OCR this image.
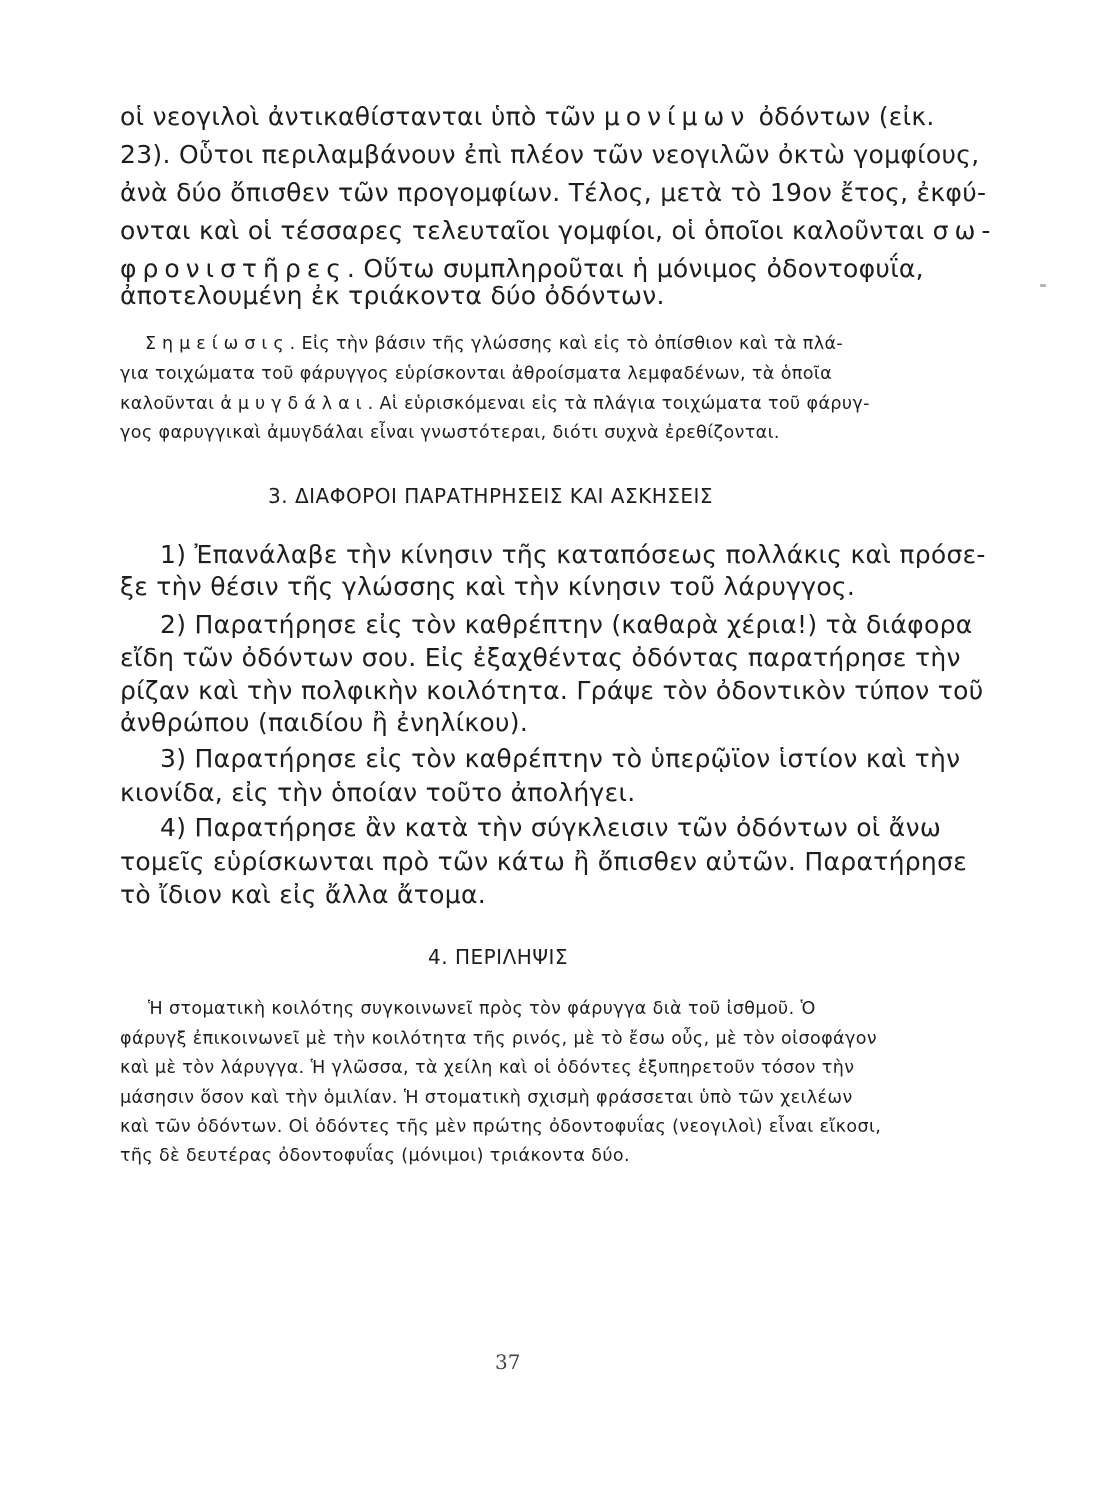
οἱ νεογιλοὶ ἀντικαθίστανται ὑπὸ τῶν μονίμων ὀδόντων (εἰκ.
23). Οὗτοι περιλαμβάνουν ἐπὶ πλέον τῶν νεογιλῶν ὀκτὼ γομφίους,
ἀνὰ δύο ὄπισθεν τῶν προγομφίων. Τέλος, μετὰ τὸ 19ον ἔτος, ἐκφύ-
ονται καὶ οἱ τέσσαρες τελευταῖοι γομφίοι, οἱ ὁποῖοι καλοῦνται σω-
φρονιστῆρες. Οὕτω συμπληροῦται ἡ μόνιμος ὀδοντοφυΐα,
ἀποτελουμένη ἐκ τριάκοντα δύο ὀδόντων.
Σημείωσις. Εἰς τὴν βάσιν τῆς γλώσσης καὶ εἰς τὸ ὀπίσθιον καὶ τὰ πλά-
για τοιχώματα τοῦ φάρυγγος εὑρίσκονται ἀθροίσματα λεμφαδένων, τὰ ὁποῖα
καλοῦνται ἀμυγδάλαι. Αἱ εὑρισκόμεναι εἰς τὰ πλάγια τοιχώματα τοῦ φάρυγ-
γος φαρυγγικαὶ ἀμυγδάλαι εἶναι γνωστότεραι, διότι συχνὰ ἐρεθίζονται.
3. ΔΙΑΦΟΡΟΙ ΠΑΡΑΤΗΡΗΣΕΙΣ ΚΑΙ ΑΣΚΗΣΕΙΣ
1) Ἐπανάλαβε τὴν κίνησιν τῆς καταπόσεως πολλάκις καὶ πρόσε-
ξε τὴν θέσιν τῆς γλώσσης καὶ τὴν κίνησιν τοῦ λάρυγγος.
2) Παρατήρησε εἰς τὸν καθρέπτην (καθαρὰ χέρια!) τὰ διάφορα
εἴδη τῶν ὀδόντων σου. Εἰς ἐξαχθέντας ὀδόντας παρατήρησε τὴν
ρίζαν καὶ τὴν πολφικὴν κοιλότητα. Γράψε τὸν ὀδοντικὸν τύπον τοῦ
ἀνθρώπου (παιδίου ἢ ἐνηλίκου).
3) Παρατήρησε εἰς τὸν καθρέπτην τὸ ὑπερῷϊον ἱστίον καὶ τὴν
κιονίδα, εἰς τὴν ὁποίαν τοῦτο ἀπολήγει.
4) Παρατήρησε ἂν κατὰ τὴν σύγκλεισιν τῶν ὀδόντων οἱ ἄνω
τομεῖς εὑρίσκωνται πρὸ τῶν κάτω ἢ ὄπισθεν αὐτῶν. Παρατήρησε
τὸ ἴδιον καὶ εἰς ἄλλα ἄτομα.
4. ΠΕΡΙΛΗΨΙΣ
Ἡ στοματικὴ κοιλότης συγκοινωνεῖ πρὸς τὸν φάρυγγα διὰ τοῦ ἰσθμοῦ. Ὁ
φάρυγξ ἐπικοινωνεῖ μὲ τὴν κοιλότητα τῆς ρινός, μὲ τὸ ἔσω οὖς, μὲ τὸν οἰσοφάγον
καὶ μὲ τὸν λάρυγγα. Ἡ γλῶσσα, τὰ χείλη καὶ οἱ ὀδόντες ἐξυπηρετοῦν τόσον τὴν
μάσησιν ὅσον καὶ τὴν ὁμιλίαν. Ἡ στοματικὴ σχισμὴ φράσσεται ὑπὸ τῶν χειλέων
καὶ τῶν ὀδόντων. Οἱ ὀδόντες τῆς μὲν πρώτης ὀδοντοφυΐας (νεογιλοὶ) εἶναι εἴκοσι,
τῆς δὲ δευτέρας ὀδοντοφυΐας (μόνιμοι) τριάκοντα δύο.
37
